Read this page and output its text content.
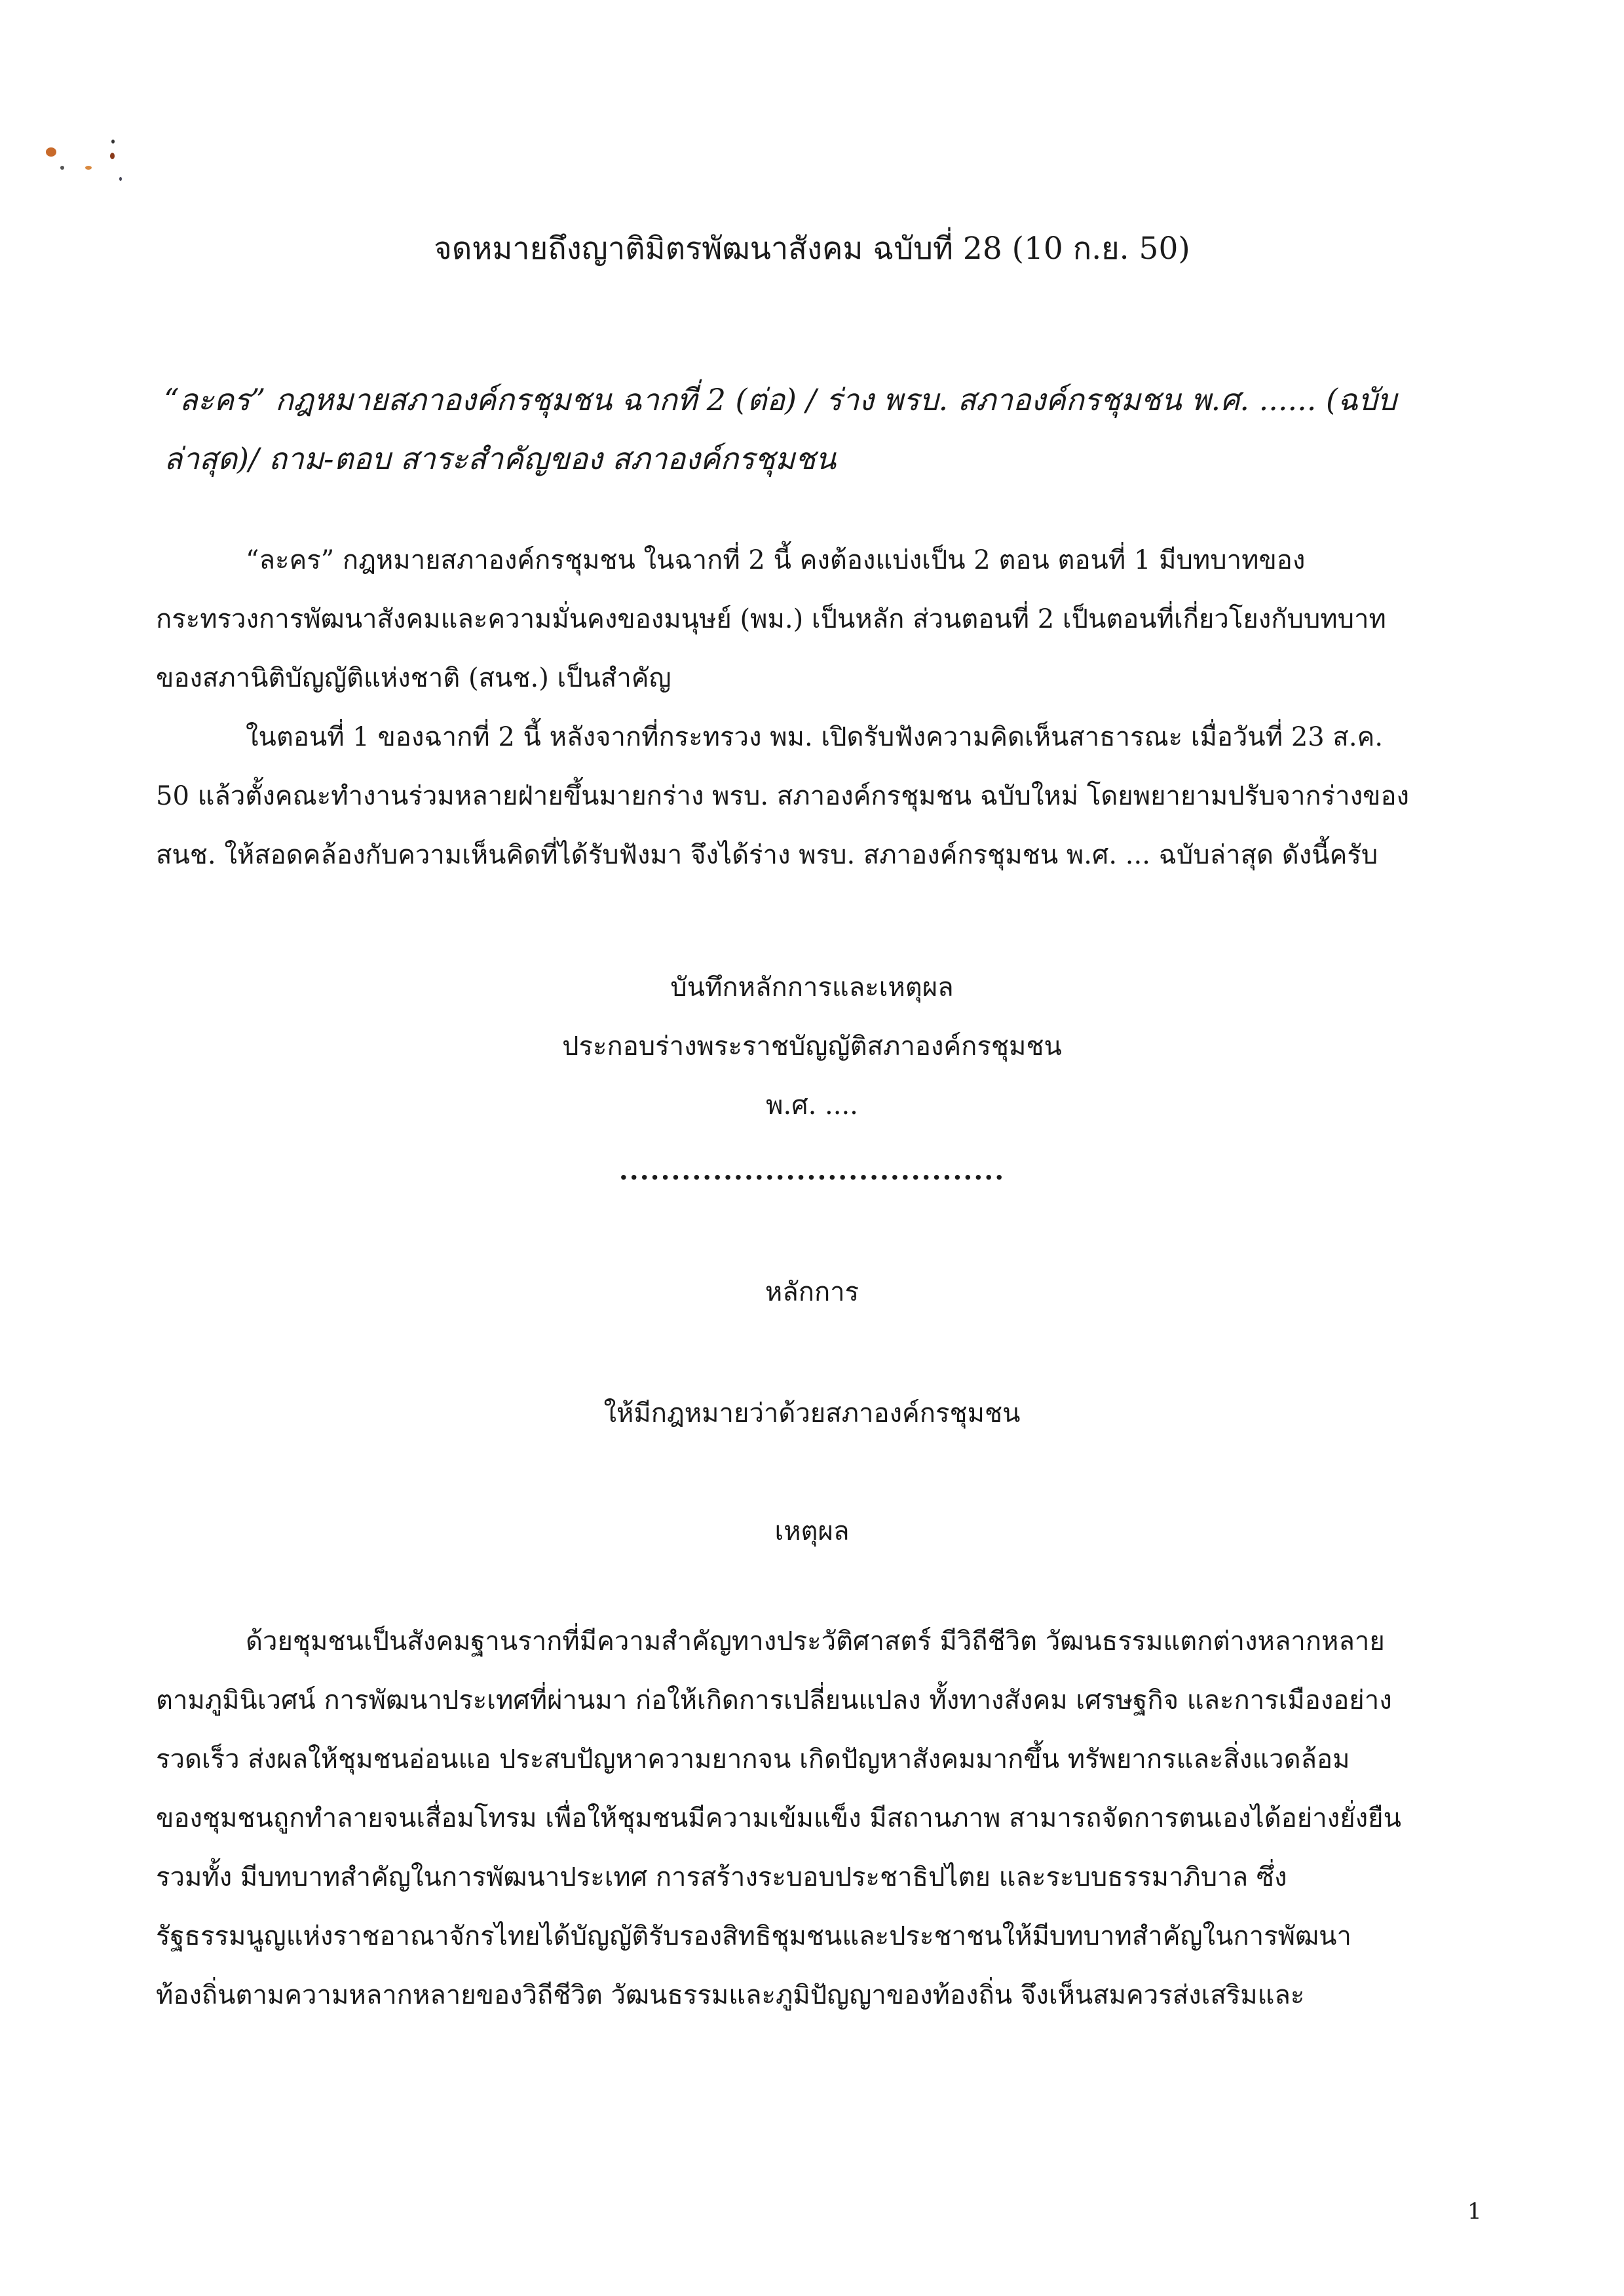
จดหมายถึงญาติมิตรพัฒนาสังคม ฉบับที่ 28 (10 ก.ย. 50)
“ละคร” กฎหมายสภาองค์กรชุมชน ฉากที่ 2 (ต่อ) / ร่าง พรบ. สภาองค์กรชุมชน พ.ศ. ...... (ฉบับ
ล่าสุด)/ ถาม-ตอบ สาระสำคัญของ สภาองค์กรชุมชน
“ละคร” กฎหมายสภาองค์กรชุมชน ในฉากที่ 2 นี้ คงต้องแบ่งเป็น 2 ตอน ตอนที่ 1 มีบทบาทของ
กระทรวงการพัฒนาสังคมและความมั่นคงของมนุษย์ (พม.) เป็นหลัก ส่วนตอนที่ 2 เป็นตอนที่เกี่ยวโยงกับบทบาท
ของสภานิติบัญญัติแห่งชาติ (สนช.) เป็นสำคัญ
ในตอนที่ 1 ของฉากที่ 2 นี้ หลังจากที่กระทรวง พม. เปิดรับฟังความคิดเห็นสาธารณะ เมื่อวันที่ 23 ส.ค.
50 แล้วตั้งคณะทำงานร่วมหลายฝ่ายขึ้นมายกร่าง พรบ. สภาองค์กรชุมชน ฉบับใหม่ โดยพยายามปรับจากร่างของ
สนช. ให้สอดคล้องกับความเห็นคิดที่ได้รับฟังมา จึงได้ร่าง พรบ. สภาองค์กรชุมชน พ.ศ. ... ฉบับล่าสุด ดังนี้ครับ
บันทึกหลักการและเหตุผล
ประกอบร่างพระราชบัญญัติสภาองค์กรชุมชน
พ.ศ. ....
.....................................
หลักการ
ให้มีกฎหมายว่าด้วยสภาองค์กรชุมชน
เหตุผล
ด้วยชุมชนเป็นสังคมฐานรากที่มีความสำคัญทางประวัติศาสตร์ มีวิถีชีวิต วัฒนธรรมแตกต่างหลากหลาย
ตามภูมินิเวศน์ การพัฒนาประเทศที่ผ่านมา ก่อให้เกิดการเปลี่ยนแปลง ทั้งทางสังคม เศรษฐกิจ และการเมืองอย่าง
รวดเร็ว ส่งผลให้ชุมชนอ่อนแอ ประสบปัญหาความยากจน เกิดปัญหาสังคมมากขึ้น ทรัพยากรและสิ่งแวดล้อม
ของชุมชนถูกทำลายจนเสื่อมโทรม เพื่อให้ชุมชนมีความเข้มแข็ง มีสถานภาพ สามารถจัดการตนเองได้อย่างยั่งยืน
รวมทั้ง มีบทบาทสำคัญในการพัฒนาประเทศ การสร้างระบอบประชาธิปไตย และระบบธรรมาภิบาล ซึ่ง
รัฐธรรมนูญแห่งราชอาณาจักรไทยได้บัญญัติรับรองสิทธิชุมชนและประชาชนให้มีบทบาทสำคัญในการพัฒนา
ท้องถิ่นตามความหลากหลายของวิถีชีวิต วัฒนธรรมและภูมิปัญญาของท้องถิ่น จึงเห็นสมควรส่งเสริมและ
1
